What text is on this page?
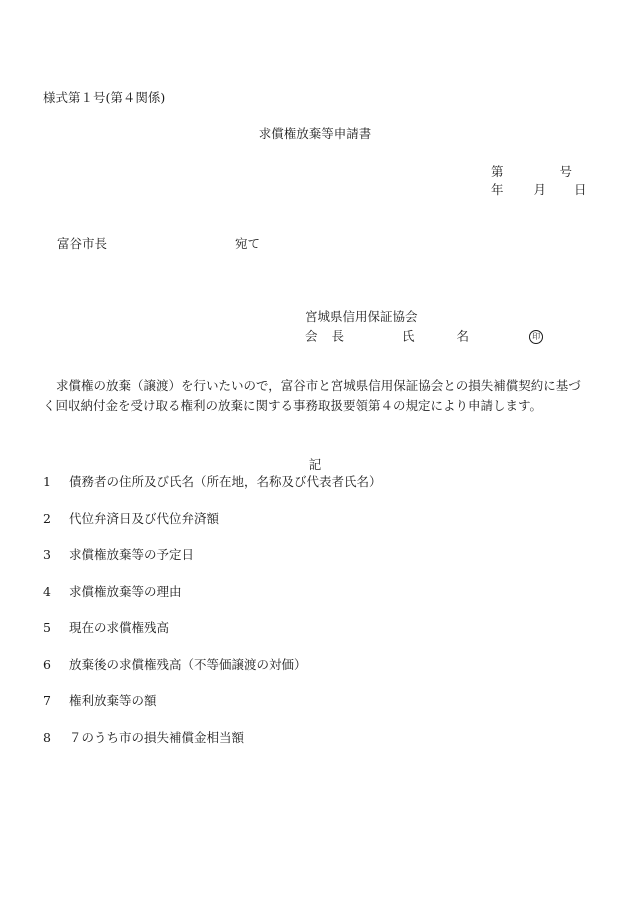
様式第１号(第４関係)
求償権放棄等申請書
第	号
年 月 日
富谷市長	宛て
宮城県信用保証協会
会 長	氏	名	印
求償権の放棄（譲渡）を行いたいので，富谷市と宮城県信用保証協会との損失補償契約に基づく回収納付金を受け取る権利の放棄に関する事務取扱要領第４の規定により申請します。
記
1 債務者の住所及び氏名（所在地，名称及び代表者氏名）
2 代位弁済日及び代位弁済額
3 求償権放棄等の予定日
4 求償権放棄等の理由
5 現在の求償権残高
6 放棄後の求償権残高（不等価譲渡の対価）
7 権利放棄等の額
8 ７のうち市の損失補償金相当額
